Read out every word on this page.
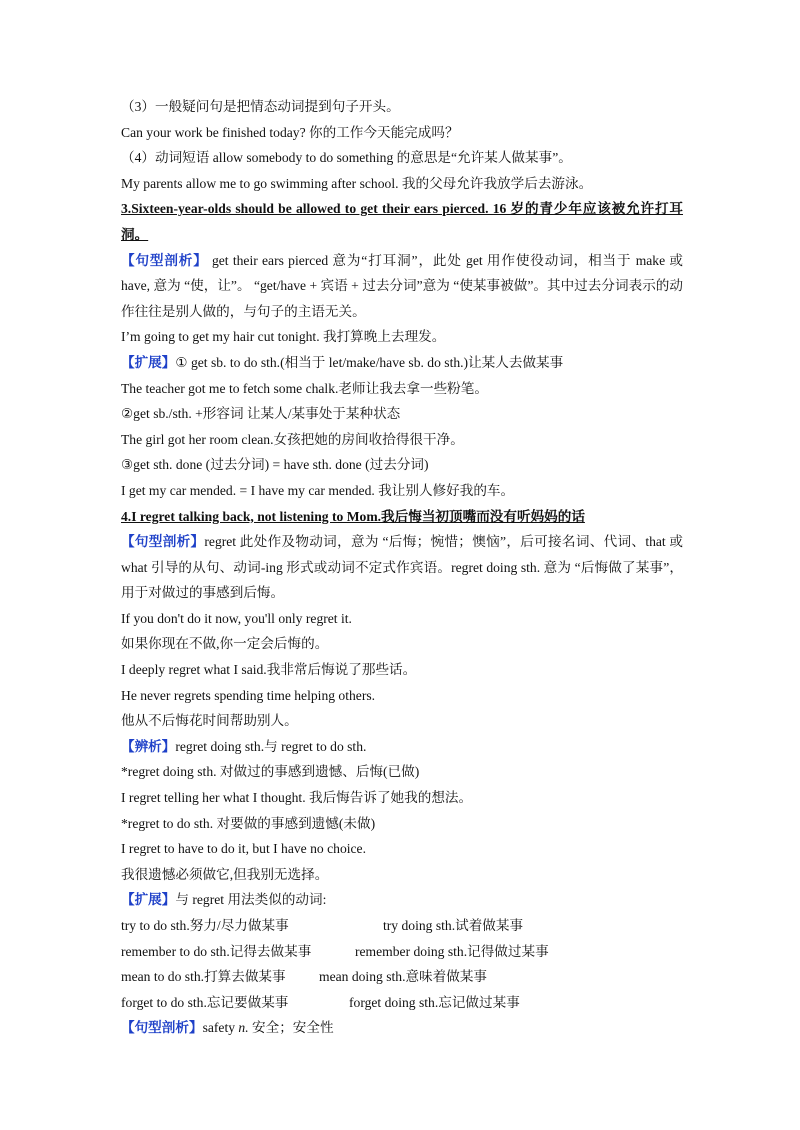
（3）一般疑问句是把情态动词提到句子开头。
Can your work be finished today? 你的工作今天能完成吗？
（4）动词短语 allow somebody to do something 的意思是“允许某人做某事”。
My parents allow me to go swimming after school. 我的父母允许我放学后去游泳。
3.Sixteen-year-olds should be allowed to get their ears pierced. 16 岁的青少年应该被允许打耳洞。
【句型剖析】 get their ears pierced 意为“打耳洞”，此处 get 用作使役动词，相当于 make 或 have, 意为 “使，让”。 “get/have + 宾语 + 过去分词”意为 “使某事被做”。其中过去分词表示的动作往往是别人做的，与句子的主语无关。
I’m going to get my hair cut tonight. 我打算晚上去理发。
【扩展】① get sb. to do sth.(相当于 let/make/have sb. do sth.)让某人去做某事
The teacher got me to fetch some chalk.老师让我去拿一些粉笔。
②get sb./sth. +形容词 让某人/某事处于某种状态
The girl got her room clean.女孩把她的房间收拾得很干净。
③get sth. done (过去分词) = have sth. done (过去分词)
I get my car mended. = I have my car mended. 我让别人修好我的车。
4.I regret talking back, not listening to Mom.我后悔当初顶嘴而没有听妈妈的话
【句型剖析】regret 此处作及物动词，意为 “后悔；惋惜；懊恼”，后可接名词、代词、that 或 what 引导的从句、动词-ing 形式或动词不定式作宾语。regret doing sth. 意为 “后悔做了某事”，用于对做过的事感到后悔。
If you don't do it now, you'll only regret it.
如果你现在不做,你一定会后悔的。
I deeply regret what I said.我非常后悔说了那些话。
He never regrets spending time helping others.
他从不后悔花时间帮助别人。
【辨析】regret doing sth.与 regret to do sth.
*regret doing sth. 对做过的事感到遗憾、后悔(已做)
I regret telling her what I thought. 我后悔告诉了她我的想法。
*regret to do sth. 对要做的事感到遗憾(未做)
I regret to have to do it, but I have no choice.
我很遗憾必须做它,但我别无选择。
【扩展】与 regret 用法类似的动词:
try to do sth.努力/尽力做某事	try doing sth.试着做某事
remember to do sth.记得去做某事	remember doing sth.记得做过某事
mean to do sth.打算去做某事 mean doing sth.意味着做某事
forget to do sth.忘记要做某事	forget doing sth.忘记做过某事
【句型剖析】safety n. 安全；安全性
